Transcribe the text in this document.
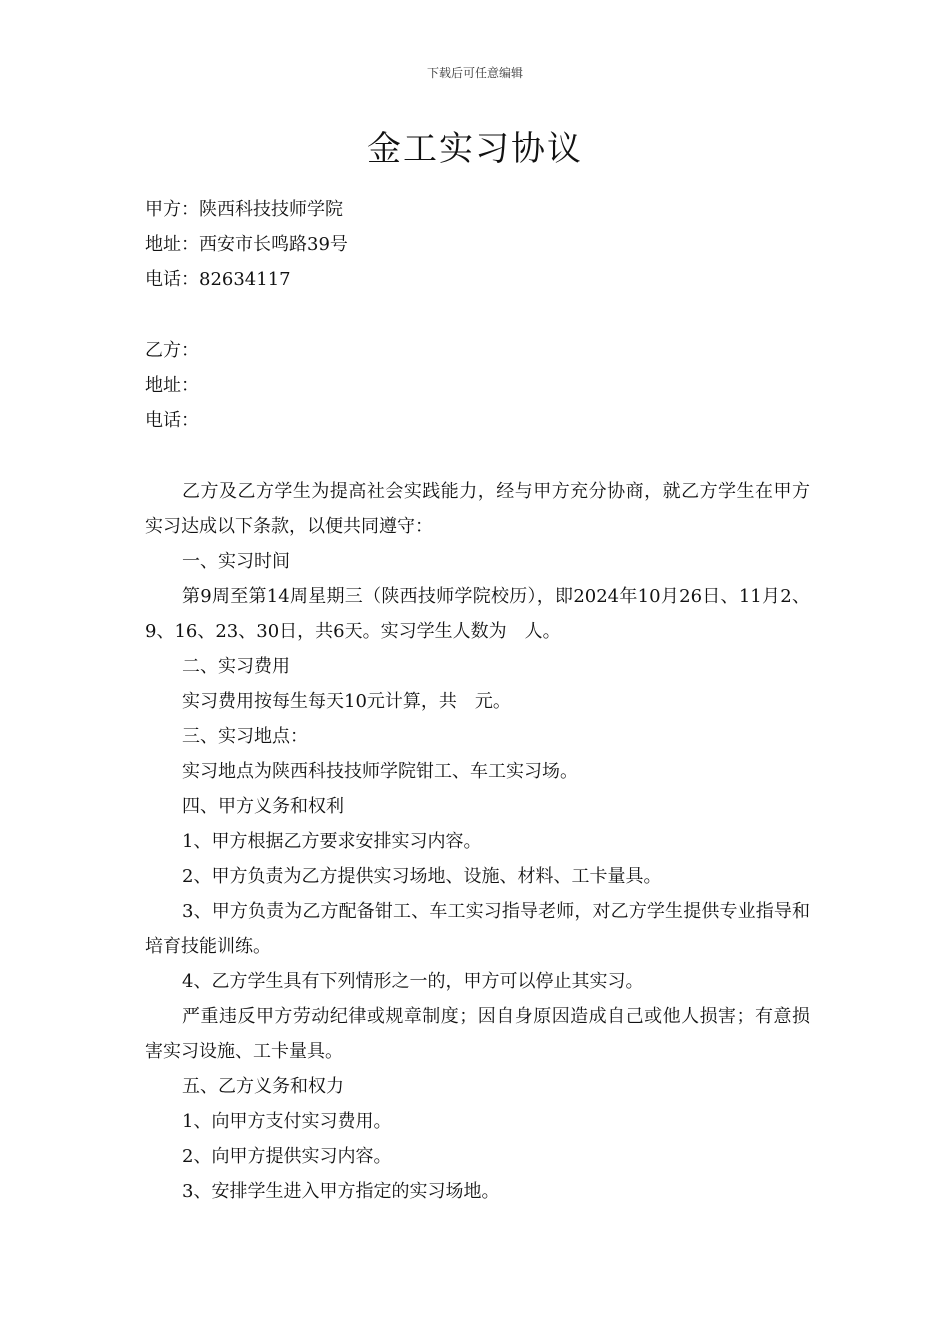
下载后可任意编辑
金工实习协议
甲方：陕西科技技师学院
地址：西安市长鸣路39号
电话：82634117
乙方：
地址：
电话：

乙方及乙方学生为提高社会实践能力，经与甲方充分协商，就乙方学生在甲方实习达成以下条款，以便共同遵守：

一、实习时间

第9周至第14周星期三（陕西技师学院校历），即2024年10月26日、11月2、9、16、23、30日，共6天。实习学生人数为 人。

二、实习费用

实习费用按每生每天10元计算，共 元。

三、实习地点：

实习地点为陕西科技技师学院钳工、车工实习场。

四、甲方义务和权利

1、甲方根据乙方要求安排实习内容。

2、甲方负责为乙方提供实习场地、设施、材料、工卡量具。

3、甲方负责为乙方配备钳工、车工实习指导老师，对乙方学生提供专业指导和培育技能训练。

4、乙方学生具有下列情形之一的，甲方可以停止其实习。

严重违反甲方劳动纪律或规章制度；因自身原因造成自己或他人损害；有意损害实习设施、工卡量具。

五、乙方义务和权力

1、向甲方支付实习费用。

2、向甲方提供实习内容。

3、安排学生进入甲方指定的实习场地。
